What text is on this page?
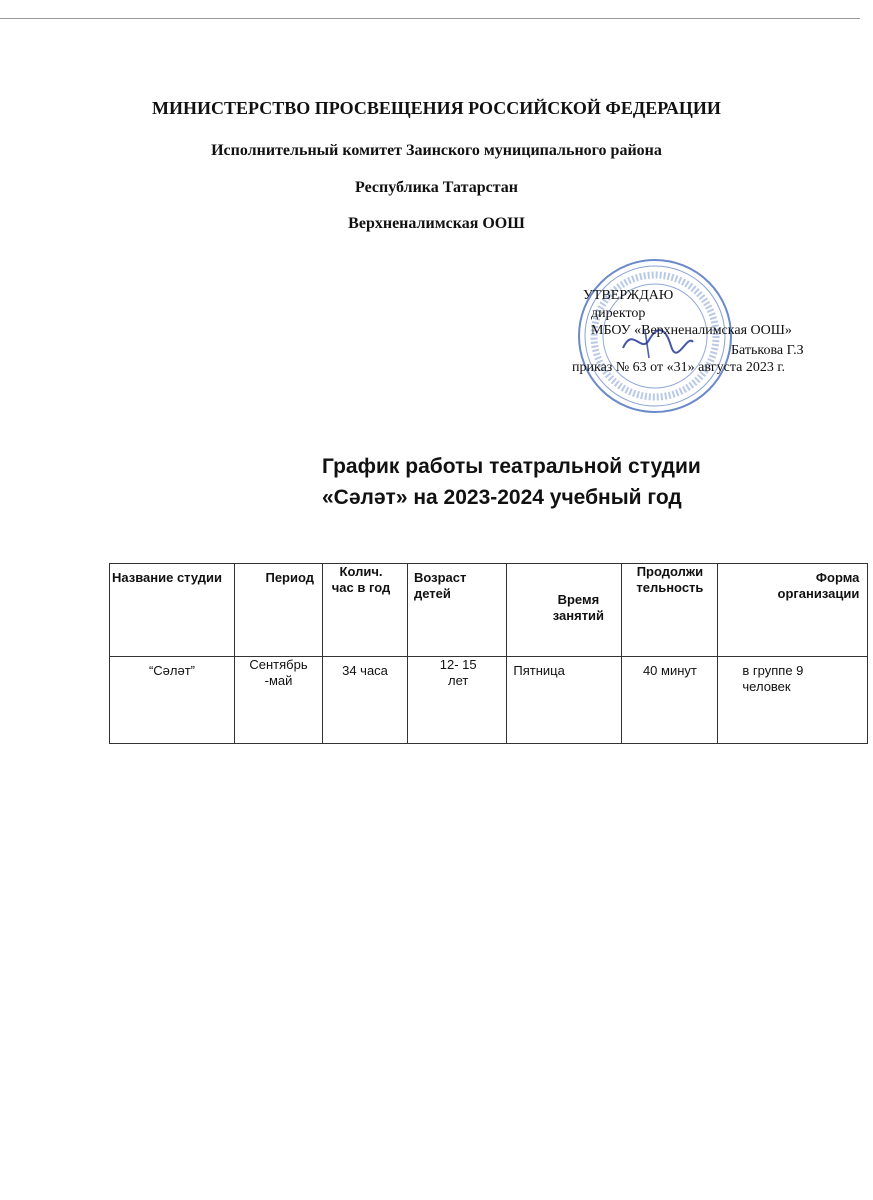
МИНИСТЕРСТВО ПРОСВЕЩЕНИЯ РОССИЙСКОЙ ФЕДЕРАЦИИ
Исполнительный комитет Заинского муниципального района
Республика Татарстан
Верхненалимская ООШ
УТВЕРЖДАЮ
директор
МБОУ «Верхненалимская ООШ»
Батькова Г.З
приказ № 63 от «31» августа 2023 г.
График работы театральной студии
«Сәләт» на 2023-2024 учебный год
Название студии	Период	Колич. час в год	Возраст детей	Время занятий	Продолжи тельность	Форма организации

“Сәләт”	Сентябрь -май	34 часа	12- 15 лет	Пятница	40 минут	в группе 9 человек
